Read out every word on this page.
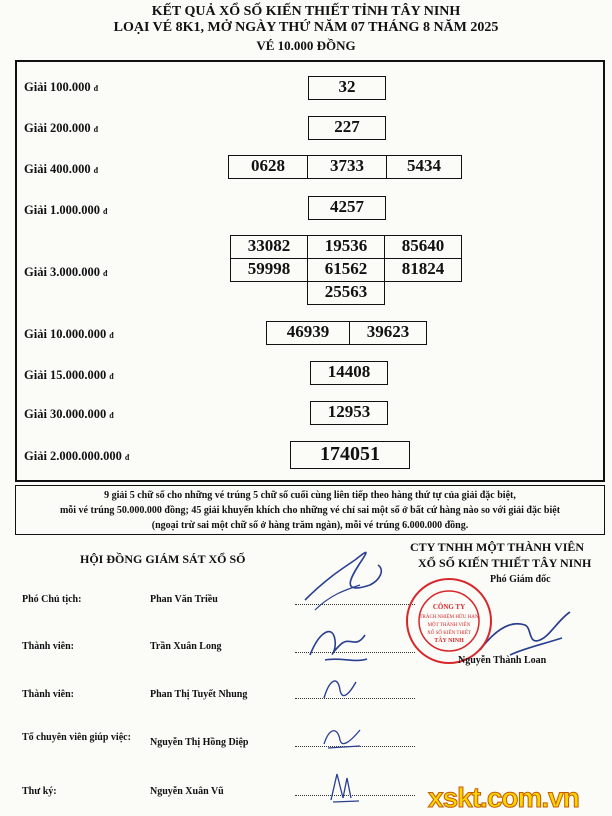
KẾT QUẢ XỔ SỐ KIẾN THIẾT TỈNH TÂY NINH
LOẠI VÉ 8K1, MỞ NGÀY THỨ NĂM 07 THÁNG 8 NĂM 2025
VÉ 10.000 ĐỒNG
Giải 100.000 đ	32
Giải 200.000 đ	227
Giải 400.000 đ	0628	3733	5434
Giải 1.000.000 đ	4257
Giải 3.000.000 đ
33082	19536	85640
59998	61562	81824
25563
Giải 10.000.000 đ	46939	39623
Giải 15.000.000 đ	14408
Giải 30.000.000 đ	12953
Giải 2.000.000.000 đ	174051
9 giải 5 chữ số cho những vé trúng 5 chữ số cuối cùng liên tiếp theo hàng thứ tự của giải đặc biệt,
mỗi vé trúng 50.000.000 đồng; 45 giải khuyến khích cho những vé chỉ sai một số ở bất cứ hàng nào so với giải đặc biệt
(ngoại trừ sai một chữ số ở hàng trăm ngàn), mỗi vé trúng 6.000.000 đồng.
HỘI ĐỒNG GIÁM SÁT XỔ SỐ
Phó Chủ tịch:	Phan Văn Triều
Thành viên:	Trần Xuân Long
Thành viên:	Phan Thị Tuyết Nhung
Tổ chuyên viên giúp việc: Nguyễn Thị Hồng Diệp
Thư ký:	Nguyễn Xuân Vũ
CTY TNHH MỘT THÀNH VIÊN
XỔ SỐ KIẾN THIẾT TÂY NINH
Phó Giám đốc
CÔNG TY
TRÁCH NHIỆM HỮU HẠN
MỘT THÀNH VIÊN
XỔ SỐ KIẾN THIẾT
TÂY NINH
Nguyễn Thành Loan
xskt.com.vn
